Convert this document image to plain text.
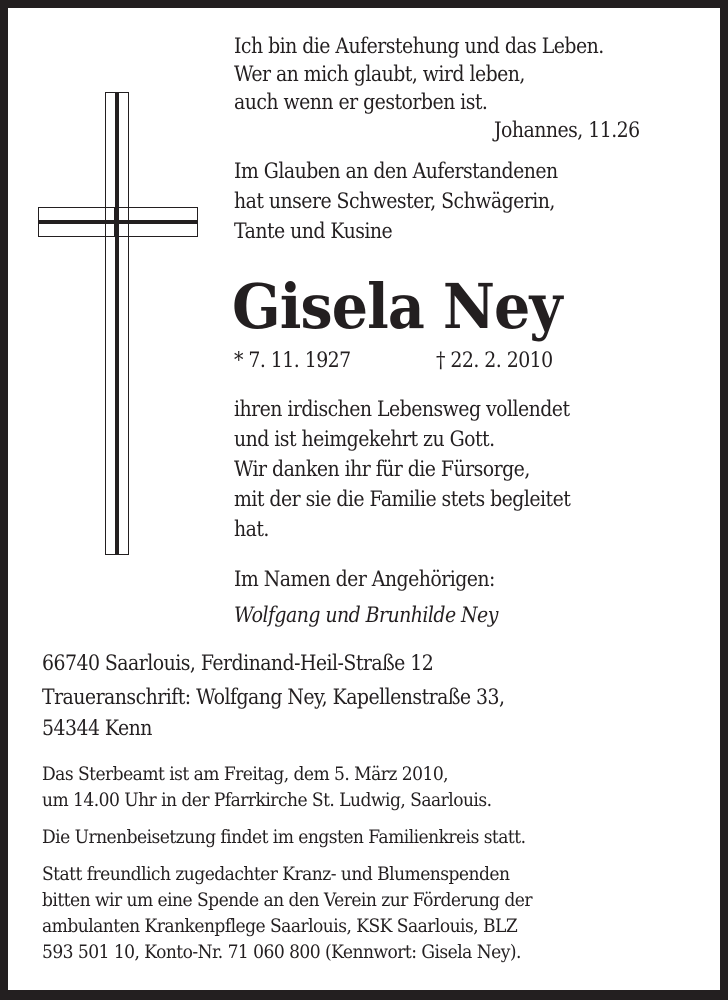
Ich bin die Auferstehung und das Leben.
Wer an mich glaubt, wird leben,
auch wenn er gestorben ist.
Johannes, 11.26
Im Glauben an den Auferstandenen
hat unsere Schwester, Schwägerin,
Tante und Kusine
Gisela Ney
* 7. 11. 1927	† 22. 2. 2010
ihren irdischen Lebensweg vollendet
und ist heimgekehrt zu Gott.
Wir danken ihr für die Fürsorge,
mit der sie die Familie stets begleitet
hat.
Im Namen der Angehörigen:
Wolfgang und Brunhilde Ney
66740 Saarlouis, Ferdinand-Heil-Straße 12
Traueranschrift: Wolfgang Ney, Kapellenstraße 33,
54344 Kenn
Das Sterbeamt ist am Freitag, dem 5. März 2010,
um 14.00 Uhr in der Pfarrkirche St. Ludwig, Saarlouis.
Die Urnenbeisetzung findet im engsten Familienkreis statt.
Statt freundlich zugedachter Kranz- und Blumenspenden
bitten wir um eine Spende an den Verein zur Förderung der
ambulanten Krankenpflege Saarlouis, KSK Saarlouis, BLZ
593 501 10, Konto-Nr. 71 060 800 (Kennwort: Gisela Ney).
